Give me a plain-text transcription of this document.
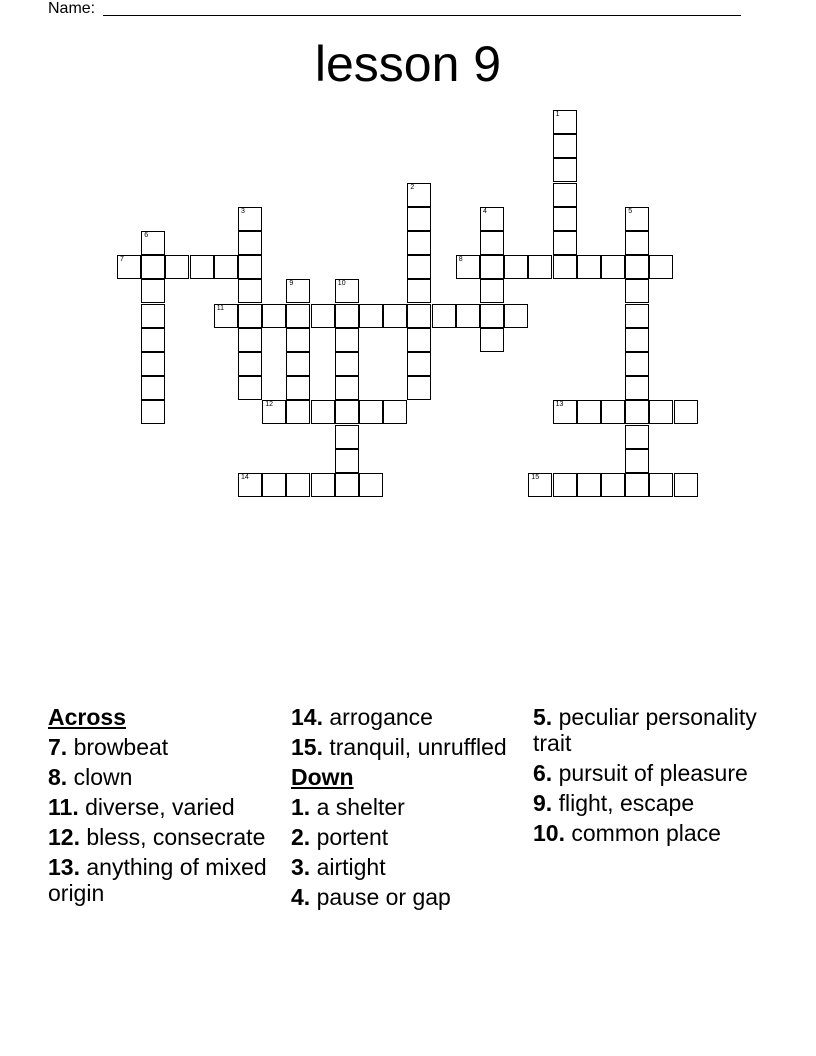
Name:
lesson 9
1
2
3	4	5
6
7	8
9	10
11
12	13
14	15
Across
7. browbeat
8. clown
11. diverse, varied
12. bless, consecrate
13. anything of mixed origin
14. arrogance
15. tranquil, unruffled
Down
1. a shelter
2. portent
3. airtight
4. pause or gap
5. peculiar personality trait
6. pursuit of pleasure
9. flight, escape
10. common place
